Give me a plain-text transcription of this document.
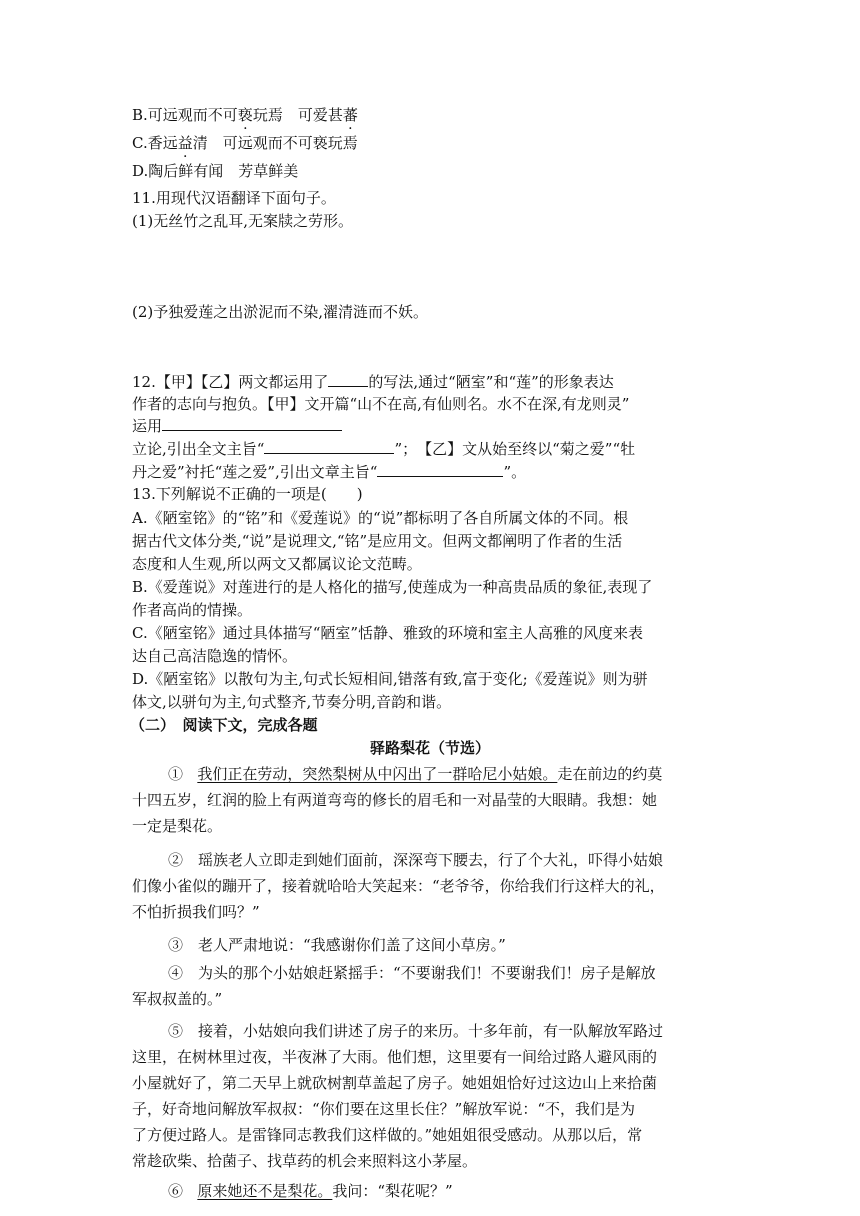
B.可远观而不可亵玩焉　可爱甚蕃
C.香远益清　可远观而不可亵玩焉
D.陶后鲜有闻　芳草鲜美
11.用现代汉语翻译下面句子。
(1)无丝竹之乱耳,无案牍之劳形。
(2)予独爱莲之出淤泥而不染,濯清涟而不妖。
12.【甲】【乙】两文都运用了	的写法,通过“陋室”和“莲”的形象表达
作者的志向与抱负。【甲】文开篇“山不在高,有仙则名。水不在深,有龙则灵”
运用
立论,引出全文主旨“	”；　【乙】文从始至终以“菊之爱”“牡
丹之爱”衬托“莲之爱”,引出文章主旨“	”。
13.下列解说不正确的一项是(　　)
A.《陋室铭》的“铭”和《爱莲说》的“说”都标明了各自所属文体的不同。根
据古代文体分类,“说”是说理文,“铭”是应用文。但两文都阐明了作者的生活
态度和人生观,所以两文又都属议论文范畴。
B.《爱莲说》对莲进行的是人格化的描写,使莲成为一种高贵品质的象征,表现了
作者高尚的情操。
C.《陋室铭》通过具体描写“陋室”恬静、雅致的环境和室主人高雅的风度来表
达自己高洁隐逸的情怀。
D.《陋室铭》以散句为主,句式长短相间,错落有致,富于变化;《爱莲说》则为骈
体文,以骈句为主,句式整齐,节奏分明,音韵和谐。
（二）　阅读下文，完成各题
驿路梨花（节选）
① 我们正在劳动，突然梨树从中闪出了一群哈尼小姑娘。走在前边的约莫
十四五岁，红润的脸上有两道弯弯的修长的眉毛和一对晶莹的大眼睛。我想：她
一定是梨花。
②　瑶族老人立即走到她们面前，深深弯下腰去，行了个大礼，吓得小姑娘
们像小雀似的蹦开了，接着就哈哈大笑起来：“老爷爷，你给我们行这样大的礼，
不怕折损我们吗？”
③　老人严肃地说：“我感谢你们盖了这间小草房。”
④　为头的那个小姑娘赶紧摇手：“不要谢我们！不要谢我们！房子是解放
军叔叔盖的。”
⑤　接着，小姑娘向我们讲述了房子的来历。十多年前，有一队解放军路过
这里，在树林里过夜，半夜淋了大雨。他们想，这里要有一间给过路人避风雨的
小屋就好了，第二天早上就砍树割草盖起了房子。她姐姐恰好过这边山上来拾菌
子，好奇地问解放军叔叔：“你们要在这里长住？”解放军说：“不，我们是为
了方便过路人。是雷锋同志教我们这样做的。”她姐姐很受感动。从那以后，常
常趁砍柴、拾菌子、找草药的机会来照料这小茅屋。
⑥ 原来她还不是梨花。我问：“梨花呢？”
